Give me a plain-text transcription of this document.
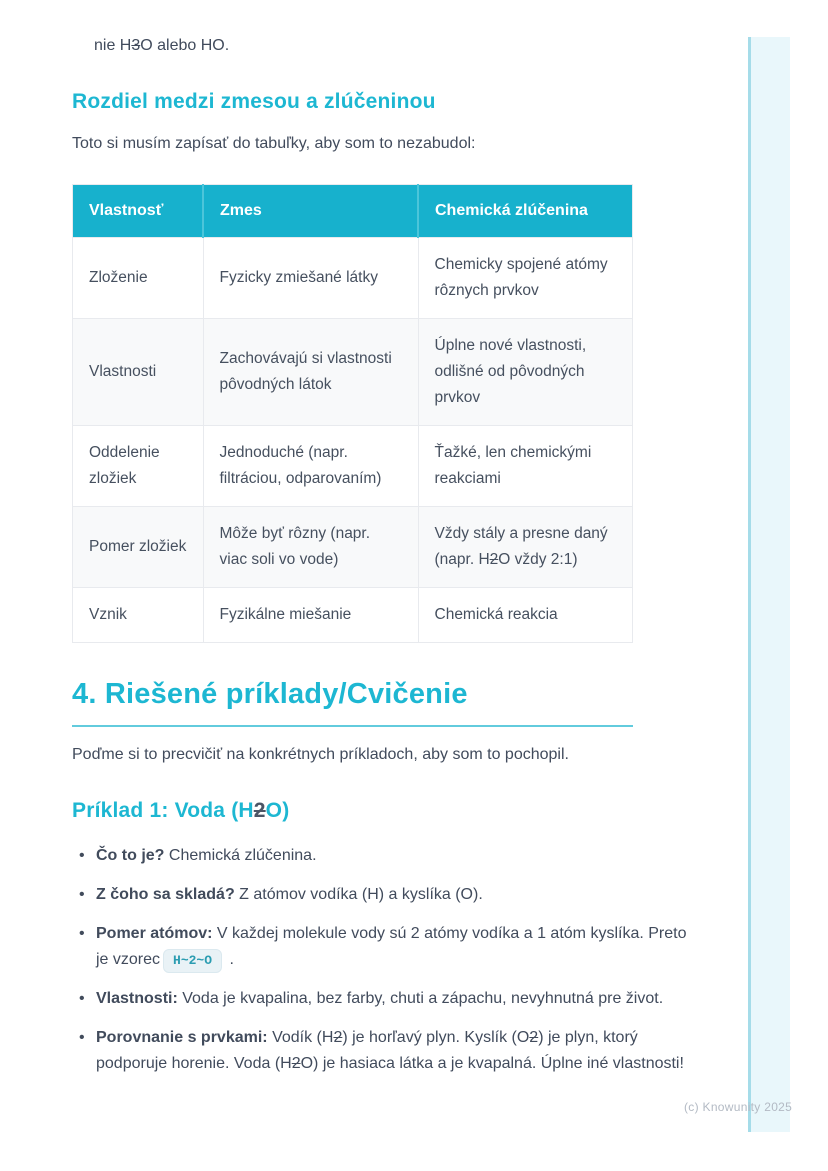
nie H3O alebo HO.

Rozdiel medzi zmesou a zlúčeninou

Toto si musím zapísať do tabuľky, aby som to nezabudol:

Vlastnosť	Zmes	Chemická zlúčenina
Zloženie	Fyzicky zmiešané látky	Chemicky spojené atómy rôznych prvkov
Vlastnosti	Zachovávajú si vlastnosti pôvodných látok	Úplne nové vlastnosti, odlišné od pôvodných prvkov
Oddelenie zložiek	Jednoduché (napr. filtráciou, odparovaním)	Ťažké, len chemickými reakciami
Pomer zložiek	Môže byť rôzny (napr. viac soli vo vode)	Vždy stály a presne daný (napr. H2O vždy 2:1)
Vznik	Fyzikálne miešanie	Chemická reakcia
4. Riešené príklady/Cvičenie

Poďme si to precvičiť na konkrétnych príkladoch, aby som to pochopil.

Príklad 1: Voda (H2O)
• Čo to je? Chemická zlúčenina.
• Z čoho sa skladá? Z atómov vodíka (H) a kyslíka (O).
• Pomer atómov: V každej molekule vody sú 2 atómy vodíka a 1 atóm kyslíka. Preto je vzorec H~2~O .
• Vlastnosti: Voda je kvapalina, bez farby, chuti a zápachu, nevyhnutná pre život.
• Porovnanie s prvkami: Vodík (H2) je horľavý plyn. Kyslík (O2) je plyn, ktorý podporuje horenie. Voda (H2O) je hasiaca látka a je kvapalná. Úplne iné vlastnosti!
(c) Knowunity 2025
